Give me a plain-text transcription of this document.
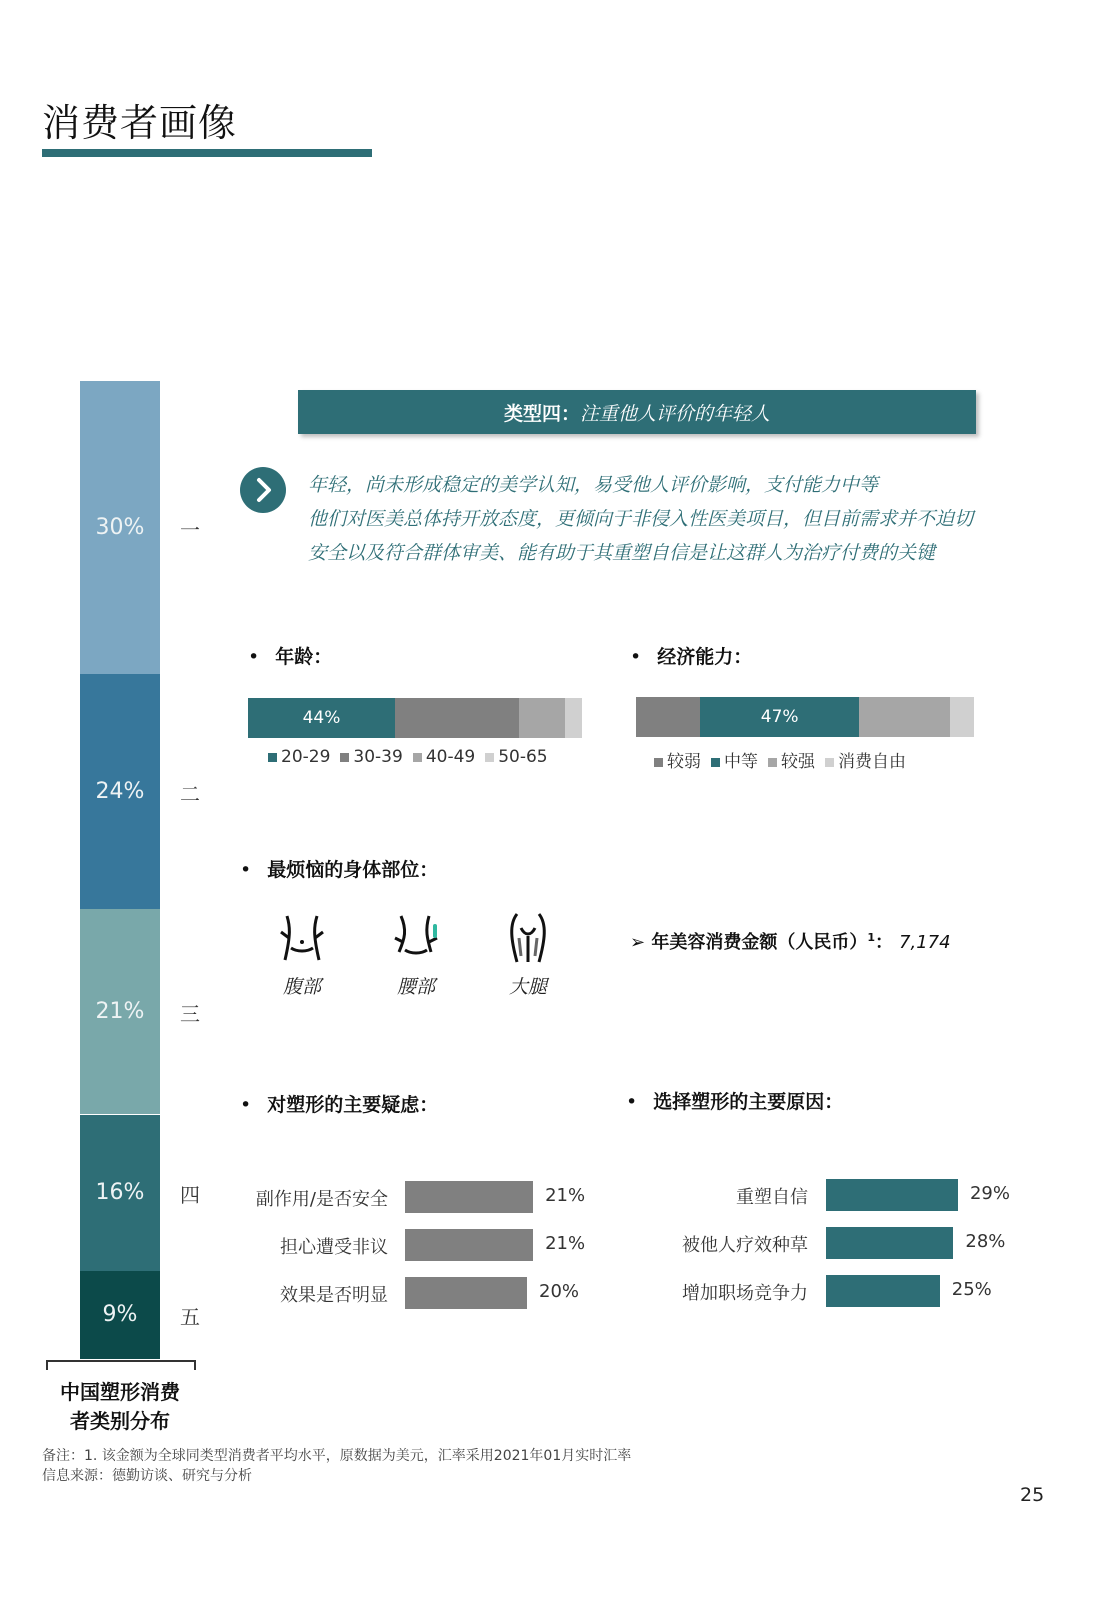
消费者画像
30%	一
24%	二
21%	三
16%	四
9%	五
中国塑形消费
者类别分布
类型四： 注重他人评价的年轻人

年轻，尚未形成稳定的美学认知，易受他人评价影响，支付能力中等

他们对医美总体持开放态度，更倾向于非侵入性医美项目，但目前需求并不迫切

安全以及符合群体审美、能有助于其重塑自信是让这群人为治疗付费的关键

• 年龄：
44%
20-29	30-39	40-49	50-65
• 经济能力：
47%
较弱	中等	较强	消费自由
• 最烦恼的身体部位：
腹部	腰部	大腿
➢ 年美容消费金额（人民币）$^1$： 7,174
• 对塑形的主要疑虑：
副作用/是否安全	21%
担心遭受非议	21%
效果是否明显	20%
• 选择塑形的主要原因：
重塑自信	29%
被他人疗效种草	28%
增加职场竞争力	25%
备注：1. 该金额为全球同类型消费者平均水平，原数据为美元，汇率采用2021年01月实时汇率
信息来源：德勤访谈、研究与分析
25
